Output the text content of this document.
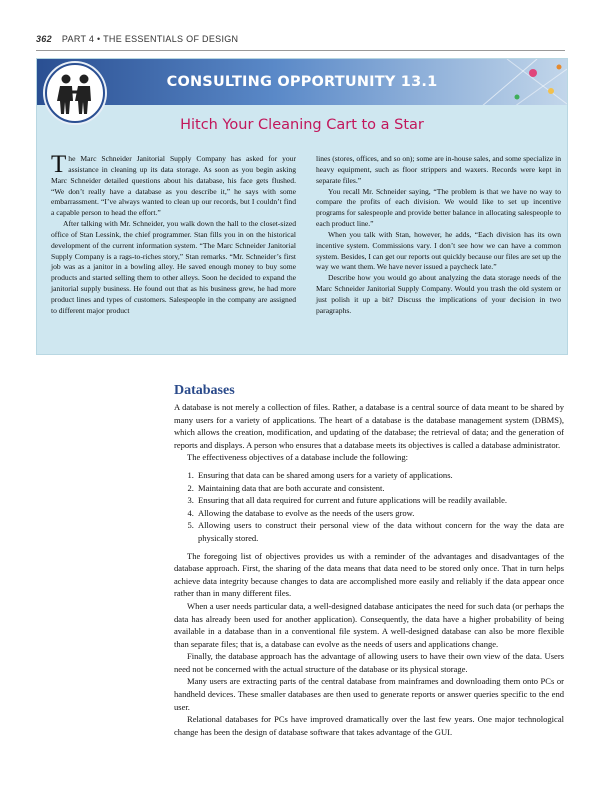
362 PART 4 • THE ESSENTIALS OF DESIGN
CONSULTING OPPORTUNITY 13.1
Hitch Your Cleaning Cart to a Star

The Marc Schneider Janitorial Supply Company has asked for your assistance in cleaning up its data storage. As soon as you begin asking Marc Schneider detailed questions about his database, his face gets flushed. “We don’t really have a database as you describe it,” he says with some embarrassment. “I’ve always wanted to clean up our records, but I couldn’t find a capable person to head the effort.”

After talking with Mr. Schneider, you walk down the hall to the closet-sized office of Stan Lessink, the chief programmer. Stan fills you in on the historical development of the current information system. “The Marc Schneider Janitorial Supply Company is a rags-to-riches story,” Stan remarks. “Mr. Schneider’s first job was as a janitor in a bowling alley. He saved enough money to buy some products and started selling them to other alleys. Soon he decided to expand the janitorial supply business. He found out that as his business grew, he had more product lines and types of customers. Salespeople in the company are assigned to different major product

lines (stores, offices, and so on); some are in-house sales, and some specialize in heavy equipment, such as floor strippers and waxers. Records were kept in separate files.”

You recall Mr. Schneider saying, “The problem is that we have no way to compare the profits of each division. We would like to set up incentive programs for salespeople and provide better balance in allocating salespeople to each product line.”

When you talk with Stan, however, he adds, “Each division has its own incentive system. Commissions vary. I don’t see how we can have a common system. Besides, I can get our reports out quickly because our files are set up the way we want them. We have never issued a paycheck late.”

Describe how you would go about analyzing the data storage needs of the Marc Schneider Janitorial Supply Company. Would you trash the old system or just polish it up a bit? Discuss the implications of your decision in two paragraphs.

Databases

A database is not merely a collection of files. Rather, a database is a central source of data meant to be shared by many users for a variety of applications. The heart of a database is the database management system (DBMS), which allows the creation, modification, and updating of the database; the retrieval of data; and the generation of reports and displays. A person who ensures that a database meets its objectives is called a database administrator.

The effectiveness objectives of a database include the following:

1. Ensuring that data can be shared among users for a variety of applications.
2. Maintaining data that are both accurate and consistent.
3. Ensuring that all data required for current and future applications will be readily available.
4. Allowing the database to evolve as the needs of the users grow.
5. Allowing users to construct their personal view of the data without concern for the way the data are physically stored.

The foregoing list of objectives provides us with a reminder of the advantages and disadvantages of the database approach. First, the sharing of the data means that data need to be stored only once. That in turn helps achieve data integrity because changes to data are accomplished more easily and reliably if the data appear once rather than in many different files.

When a user needs particular data, a well-designed database anticipates the need for such data (or perhaps the data has already been used for another application). Consequently, the data have a higher probability of being available in a database than in a conventional file system. A well-designed database can also be more flexible than separate files; that is, a database can evolve as the needs of users and applications change.

Finally, the database approach has the advantage of allowing users to have their own view of the data. Users need not be concerned with the actual structure of the database or its physical storage.

Many users are extracting parts of the central database from mainframes and downloading them onto PCs or handheld devices. These smaller databases are then used to generate reports or answer queries specific to the end user.

Relational databases for PCs have improved dramatically over the last few years. One major technological change has been the design of database software that takes advantage of the GUI.
